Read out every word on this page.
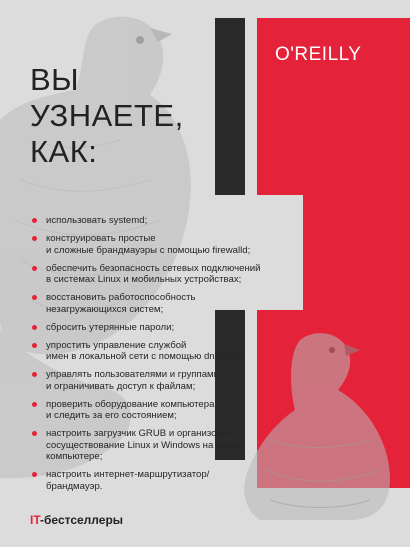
O'REILLY
ВЫ
УЗНАЕТЕ,
КАК:
использовать systemd;
конструировать простые
и сложные брандмауэры с помощью firewalld;
обеспечить безопасность сетевых подключений
в системах Linux и мобильных устройствах;
восстановить работоспособность
незагружающихся систем;
сбросить утерянные пароли;
упростить управление службой
имен в локальной сети с помощью dnsmasq;
управлять пользователями и группами
и ограничивать доступ к файлам;
проверить оборудование компьютера
и следить за его состоянием;
настроить загрузчик GRUB и организовать
сосуществование Linux и Windows на одном
компьютере;
настроить интернет-маршрутизатор/
брандмауэр.
IT-бестселлеры
